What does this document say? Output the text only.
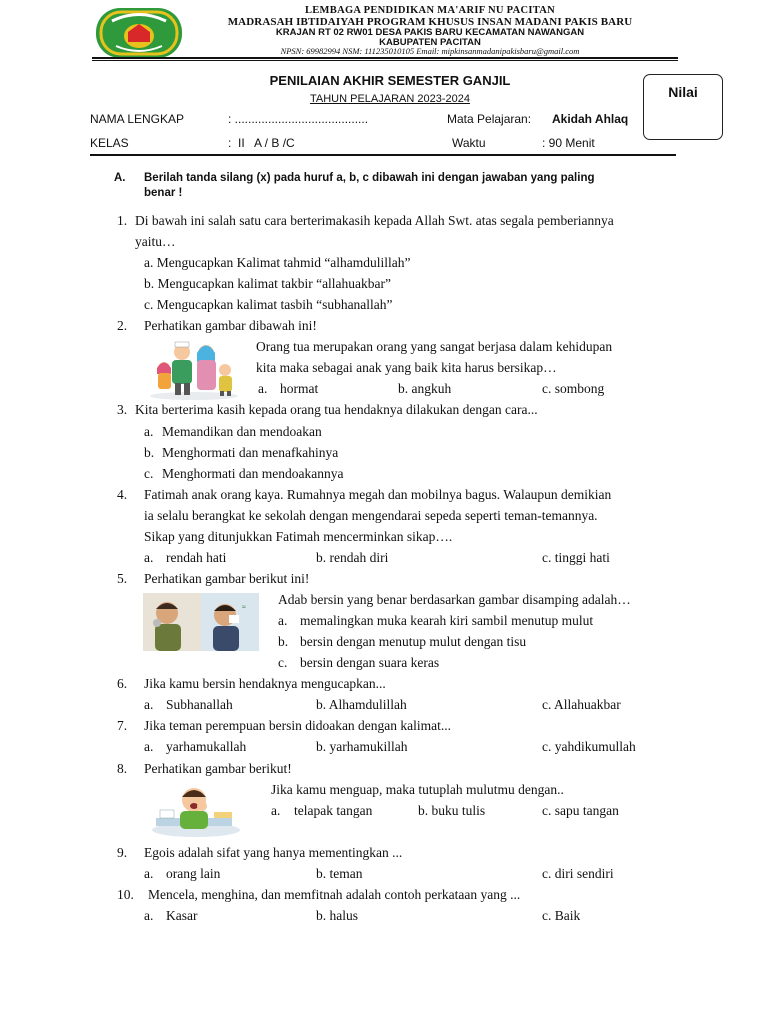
LEMBAGA PENDIDIKAN MA'ARIF NU PACITAN
MADRASAH IBTIDAIYAH PROGRAM KHUSUS INSAN MADANI PAKIS BARU
KRAJAN RT 02 RW01 DESA PAKIS BARU KECAMATAN NAWANGAN
KABUPATEN PACITAN
NPSN: 69982994 NSM: 111235010105 Email: mipkinsanmadanipakisbaru@gmail.com
PENILAIAN AKHIR SEMESTER GANJIL
TAHUN PELAJARAN 2023-2024	Nilai
NAMA LENGKAP	: ........................................	Mata Pelajaran: Akidah Ahlaq
KELAS	:  II   A / B /C	Waktu	: 90 Menit
A. Berilah tanda silang (x) pada huruf a, b, c dibawah ini dengan jawaban yang paling
benar !
1. Di bawah ini salah satu cara berterimakasih kepada Allah Swt. atas segala pemberiannya
yaitu…
a. Mengucapkan Kalimat tahmid “alhamdulillah”
b. Mengucapkan kalimat takbir “allahuakbar”
c. Mengucapkan kalimat tasbih “subhanallah”
2. Perhatikan gambar dibawah ini!
Orang tua merupakan orang yang sangat berjasa dalam kehidupan
kita maka sebagai anak yang baik kita harus bersikap…
a. hormat	b. angkuh	c. sombong
3. Kita berterima kasih kepada orang tua hendaknya dilakukan dengan cara...
a. Memandikan dan mendoakan
b. Menghormati dan menafkahinya
c. Menghormati dan mendoakannya
4. Fatimah anak orang kaya. Rumahnya megah dan mobilnya bagus. Walaupun demikian
ia selalu berangkat ke sekolah dengan mengendarai sepeda seperti teman-temannya.
Sikap yang ditunjukkan Fatimah mencerminkan sikap….
a. rendah hati	b. rendah diri	c. tinggi hati
5. Perhatikan gambar berikut ini!
≈
Adab bersin yang benar berdasarkan gambar disamping adalah…
a. memalingkan muka kearah kiri sambil menutup mulut
b. bersin dengan menutup mulut dengan tisu
c. bersin dengan suara keras
6. Jika kamu bersin hendaknya mengucapkan...
a. Subhanallah	b. Alhamdulillah	c. Allahuakbar
7. Jika teman perempuan bersin didoakan dengan kalimat...
a. yarhamukallah	b. yarhamukillah	c. yahdikumullah
8. Perhatikan gambar berikut!
Jika kamu menguap, maka tutuplah mulutmu dengan..
a. telapak tangan	b. buku tulis	c. sapu tangan
9. Egois adalah sifat yang hanya mementingkan ...
a. orang lain	b. teman	c. diri sendiri
10. Mencela, menghina, dan memfitnah adalah contoh perkataan yang ...
a. Kasar	b. halus	c. Baik
